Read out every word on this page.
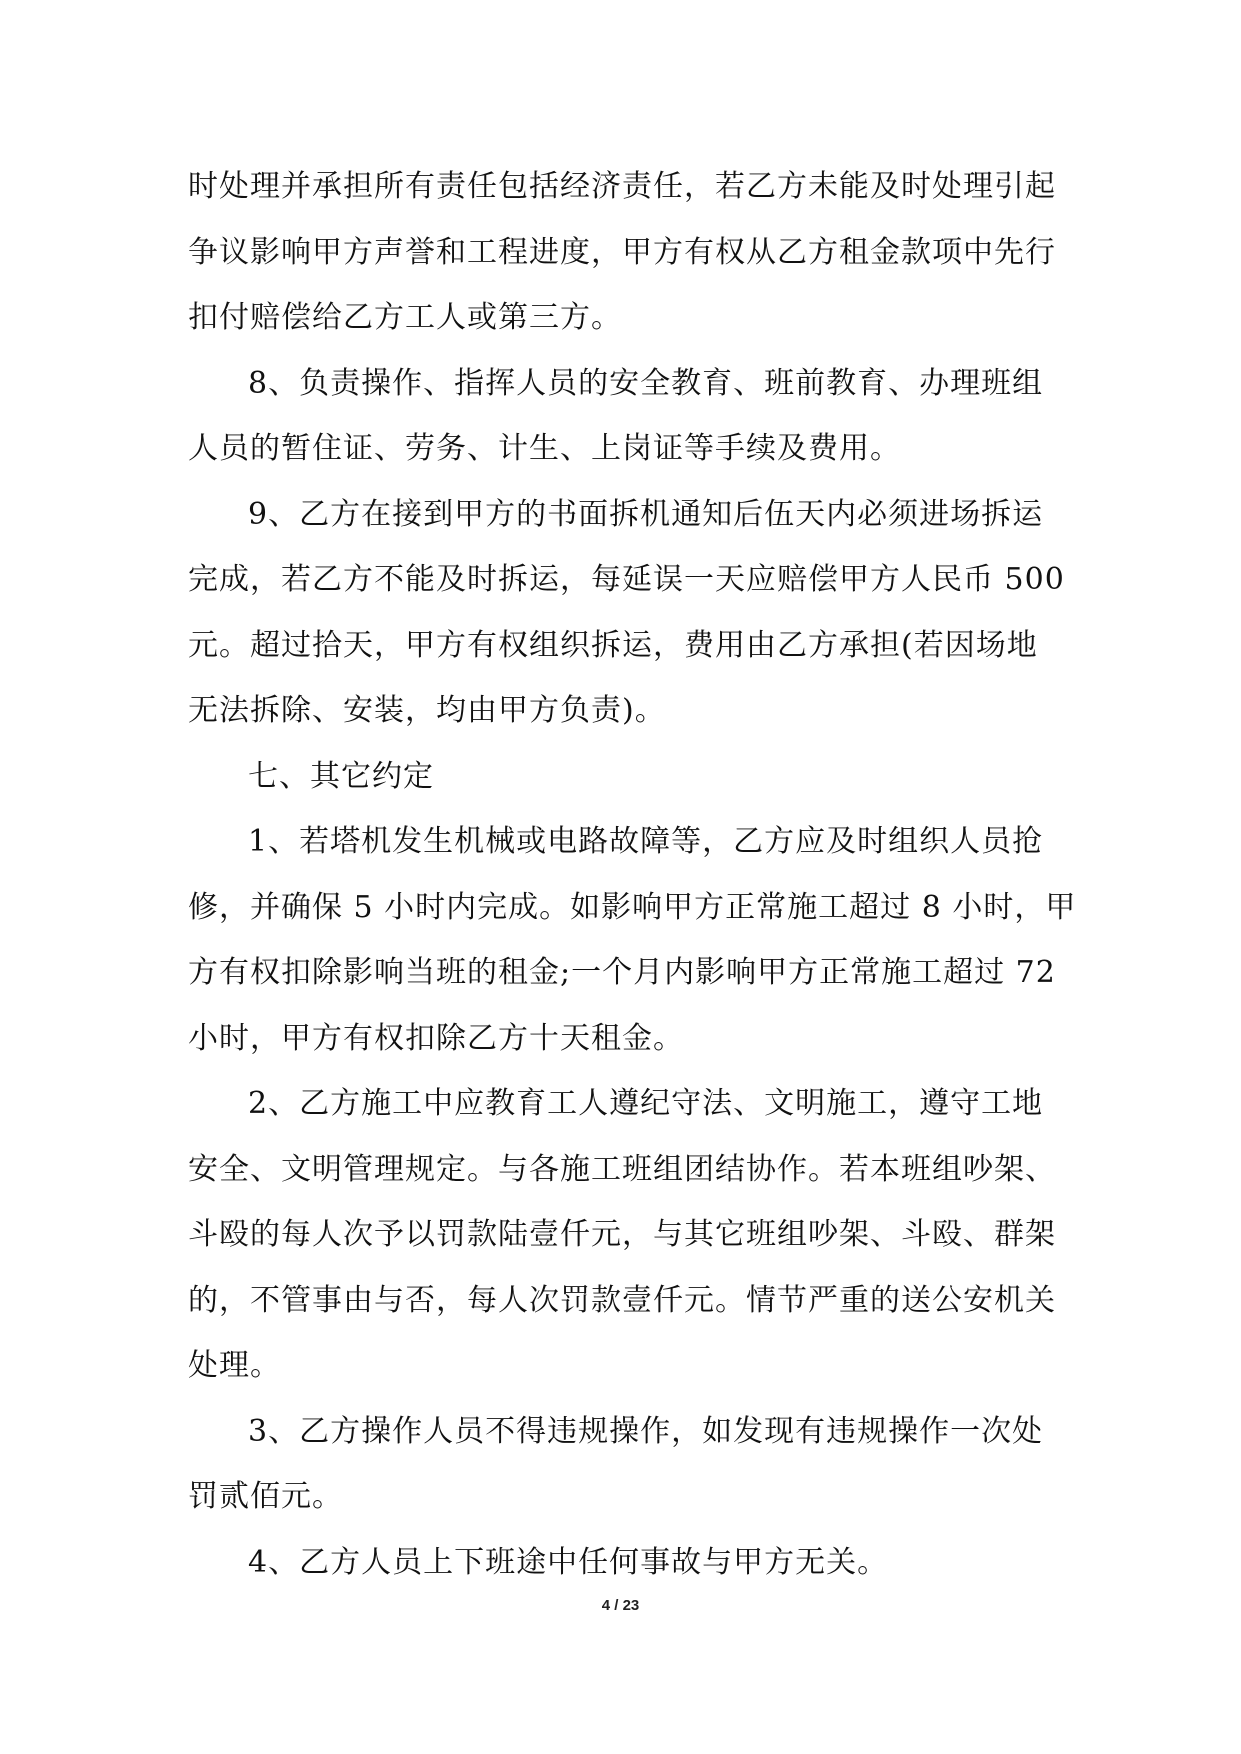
时处理并承担所有责任包括经济责任，若乙方未能及时处理引起
争议影响甲方声誉和工程进度，甲方有权从乙方租金款项中先行
扣付赔偿给乙方工人或第三方。
8、负责操作、指挥人员的安全教育、班前教育、办理班组
人员的暂住证、劳务、计生、上岗证等手续及费用。
9、乙方在接到甲方的书面拆机通知后伍天内必须进场拆运
完成，若乙方不能及时拆运，每延误一天应赔偿甲方人民币 500
元。超过拾天，甲方有权组织拆运，费用由乙方承担(若因场地
无法拆除、安装，均由甲方负责)。
七、其它约定
1、若塔机发生机械或电路故障等，乙方应及时组织人员抢
修，并确保 5 小时内完成。如影响甲方正常施工超过 8 小时，甲
方有权扣除影响当班的租金;一个月内影响甲方正常施工超过 72
小时，甲方有权扣除乙方十天租金。
2、乙方施工中应教育工人遵纪守法、文明施工，遵守工地
安全、文明管理规定。与各施工班组团结协作。若本班组吵架、
斗殴的每人次予以罚款陆壹仟元，与其它班组吵架、斗殴、群架
的，不管事由与否，每人次罚款壹仟元。情节严重的送公安机关
处理。
3、乙方操作人员不得违规操作，如发现有违规操作一次处
罚贰佰元。
4、乙方人员上下班途中任何事故与甲方无关。
4 / 23
